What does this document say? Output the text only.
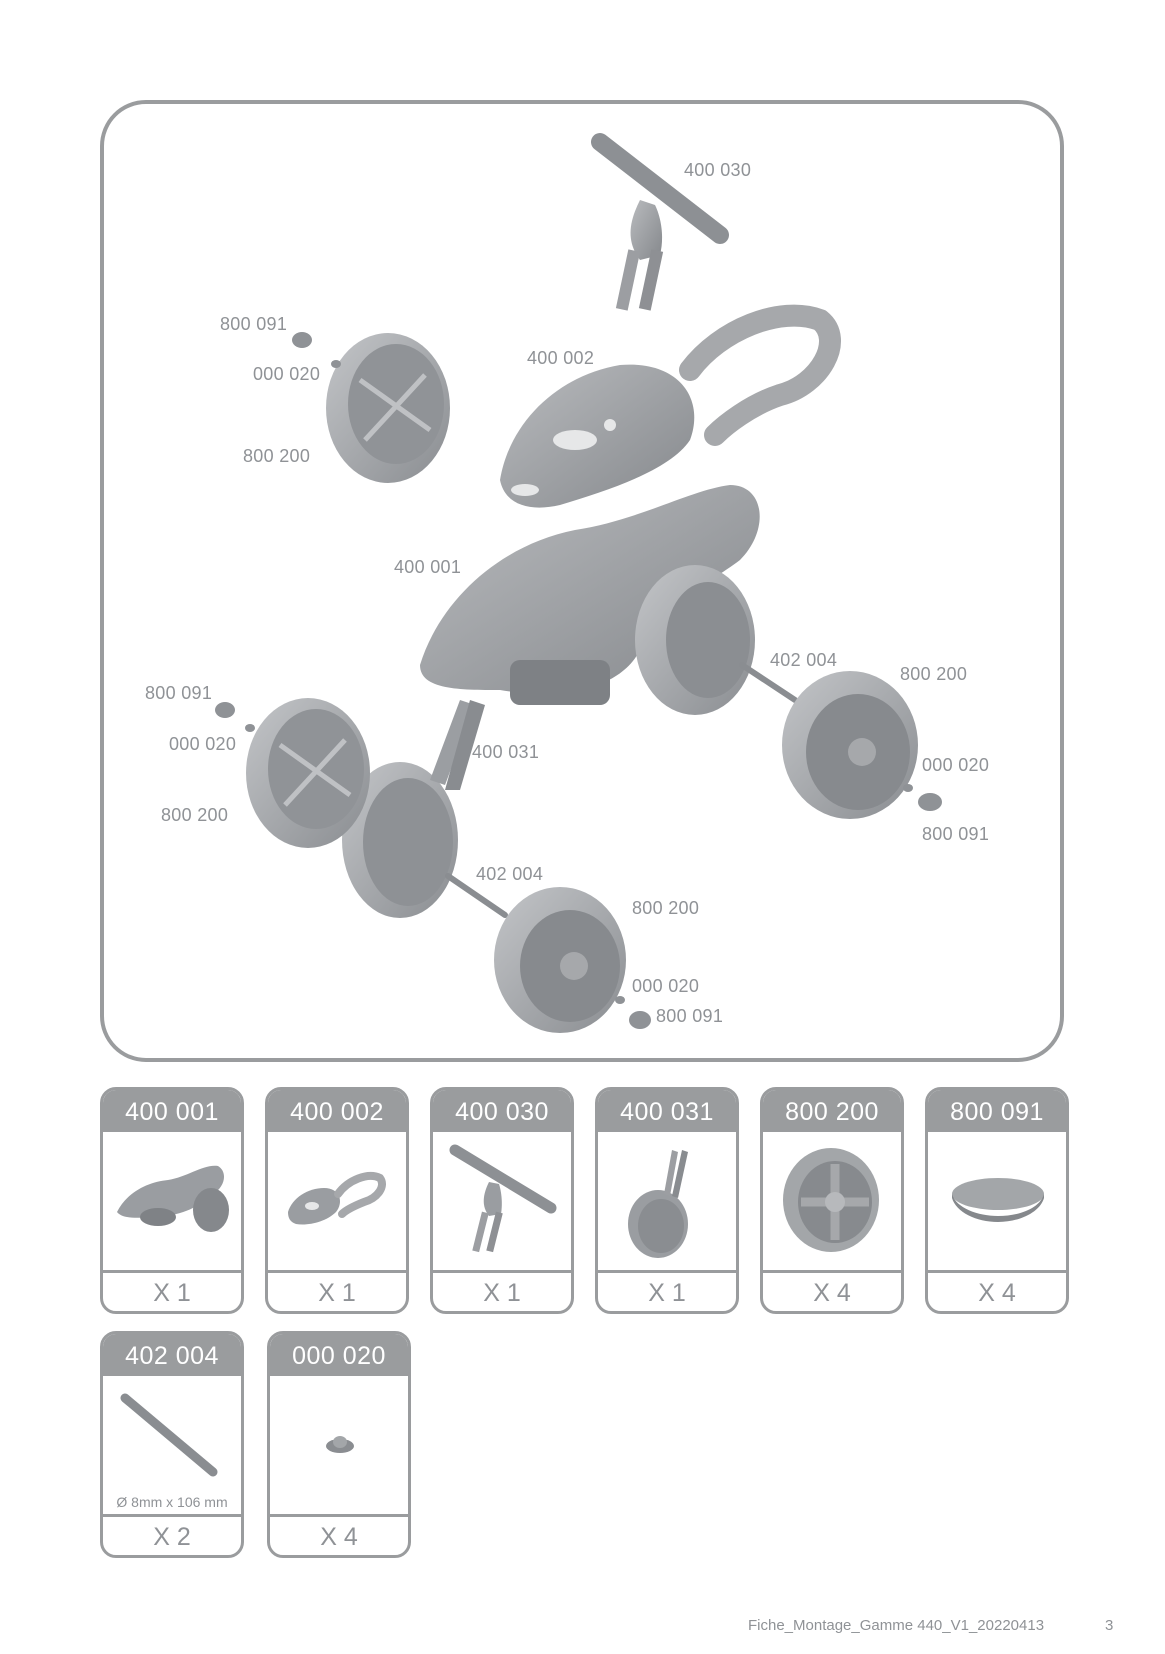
400 030
400 002
400 001
400 031
402 004
402 004
800 091
000 020
800 200
800 091
000 020
800 200
800 200
000 020
800 091
800 200
000 020
800 091
400 001
X 1
400 002
X 1
400 030
X 1
400 031
X 1
800 200
X 4
800 091
X 4
402 004
Ø 8mm x 106 mm
X 2
000 020
X 4
Fiche_Montage_Gamme 440_V1_20220413	3
